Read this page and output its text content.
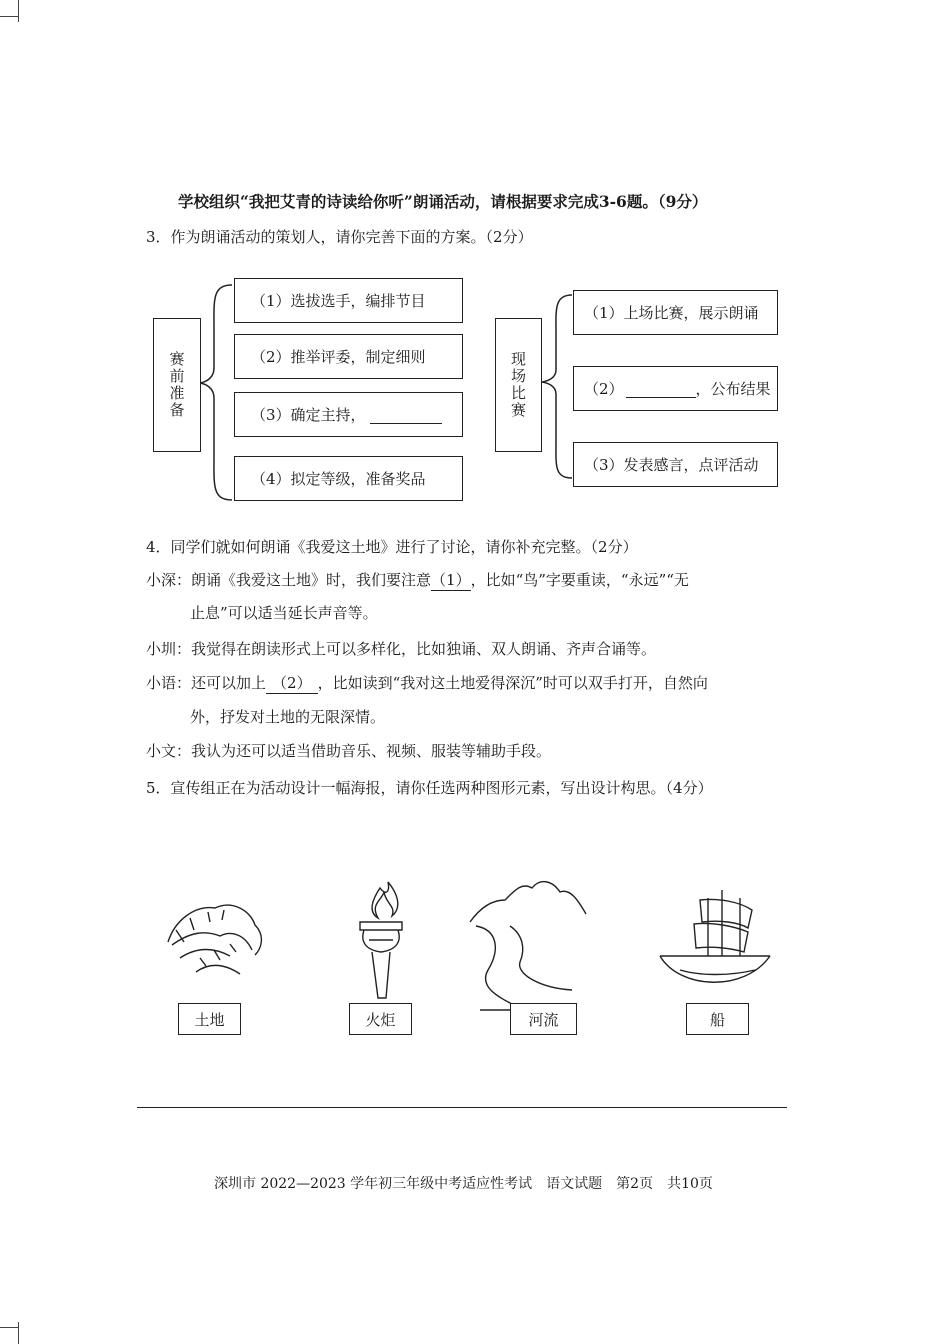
学校组织“我把艾青的诗读给你听”朗诵活动，请根据要求完成3-6题。（9分）
3．作为朗诵活动的策划人，请你完善下面的方案。（2分）
赛前准备
（1）选拔选手，编排节目
（2）推举评委，制定细则
（3）确定主持，

（4）拟定等级，准备奖品
现场比赛
（1）上场比赛，展示朗诵
（2）
	，公布结果
（3）发表感言，点评活动
4．同学们就如何朗诵《我爱这土地》进行了讨论，请你补充完整。（2分）
小深：朗诵《我爱这土地》时，我们要注意（1），比如“鸟”字要重读，“永远”“无
止息”可以适当延长声音等。
小圳：我觉得在朗读形式上可以多样化，比如独诵、双人朗诵、齐声合诵等。
小语：还可以加上 （2） ，比如读到“我对这土地爱得深沉”时可以双手打开，自然向
外，抒发对土地的无限深情。
小文：我认为还可以适当借助音乐、视频、服装等辅助手段。
5．宣传组正在为活动设计一幅海报，请你任选两种图形元素，写出设计构思。（4分）
土地	火炬	河流	船
深圳市 2022—2023 学年初三年级中考适应性考试　语文试题　第2页　共10页
